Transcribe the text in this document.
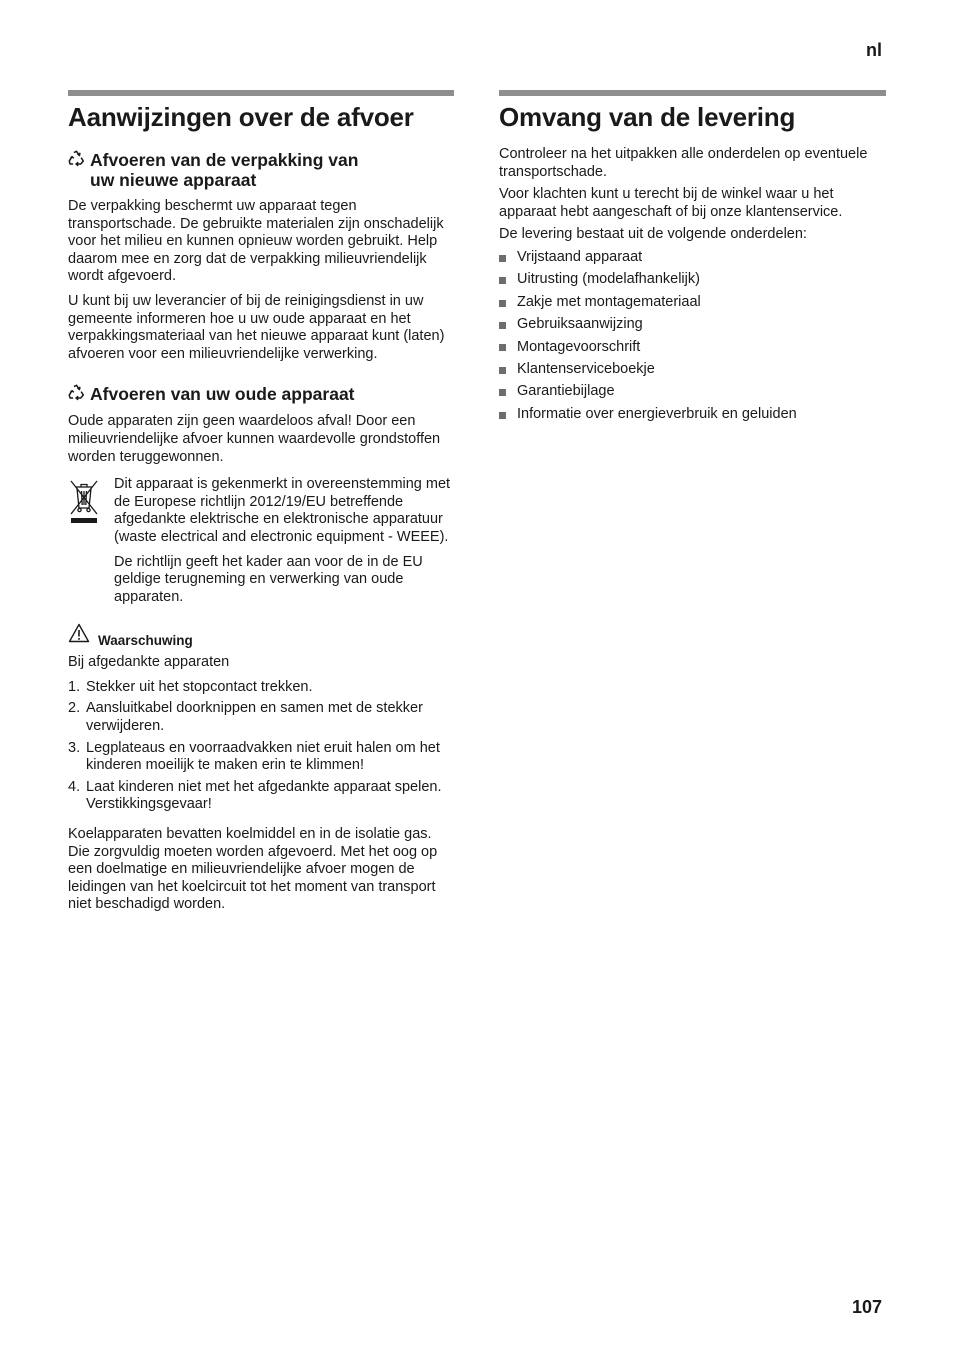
nl
Aanwijzingen over de afvoer
Afvoeren van de verpakking van
uw nieuwe apparaat

De verpakking beschermt uw apparaat tegen transportschade. De gebruikte materialen zijn onschadelijk voor het milieu en kunnen opnieuw worden gebruikt. Help daarom mee en zorg dat de verpakking milieuvriendelijk wordt afgevoerd.

U kunt bij uw leverancier of bij de reinigingsdienst in uw gemeente informeren hoe u uw oude apparaat en het verpakkingsmateriaal van het nieuwe apparaat kunt (laten) afvoeren voor een milieuvriendelijke verwerking.

Afvoeren van uw oude apparaat

Oude apparaten zijn geen waardeloos afval! Door een milieuvriendelijke afvoer kunnen waardevolle grondstoffen worden teruggewonnen.

Dit apparaat is gekenmerkt in overeenstemming met de Europese richtlijn 2012/19/EU betreffende afgedankte elektrische en elektronische apparatuur (waste electrical and electronic equipment - WEEE).

De richtlijn geeft het kader aan voor de in de EU geldige terugneming en verwerking van oude apparaten.

Waarschuwing

Bij afgedankte apparaten

1. Stekker uit het stopcontact trekken.
2. Aansluitkabel doorknippen en samen met de stekker verwijderen.
3. Legplateaus en voorraadvakken niet eruit halen om het kinderen moeilijk te maken erin te klimmen!
4. Laat kinderen niet met het afgedankte apparaat spelen. Verstikkingsgevaar!

Koelapparaten bevatten koelmiddel en in de isolatie gas. Die zorgvuldig moeten worden afgevoerd. Met het oog op een doelmatige en milieuvriendelijke afvoer mogen de leidingen van het koelcircuit tot het moment van transport niet beschadigd worden.

Omvang van de levering

Controleer na het uitpakken alle onderdelen op eventuele transportschade.

Voor klachten kunt u terecht bij de winkel waar u het apparaat hebt aangeschaft of bij onze klantenservice.

De levering bestaat uit de volgende onderdelen:

Vrijstaand apparaat
Uitrusting (modelafhankelijk)
Zakje met montagemateriaal
Gebruiksaanwijzing
Montagevoorschrift
Klantenserviceboekje
Garantiebijlage
Informatie over energieverbruik en geluiden
107
